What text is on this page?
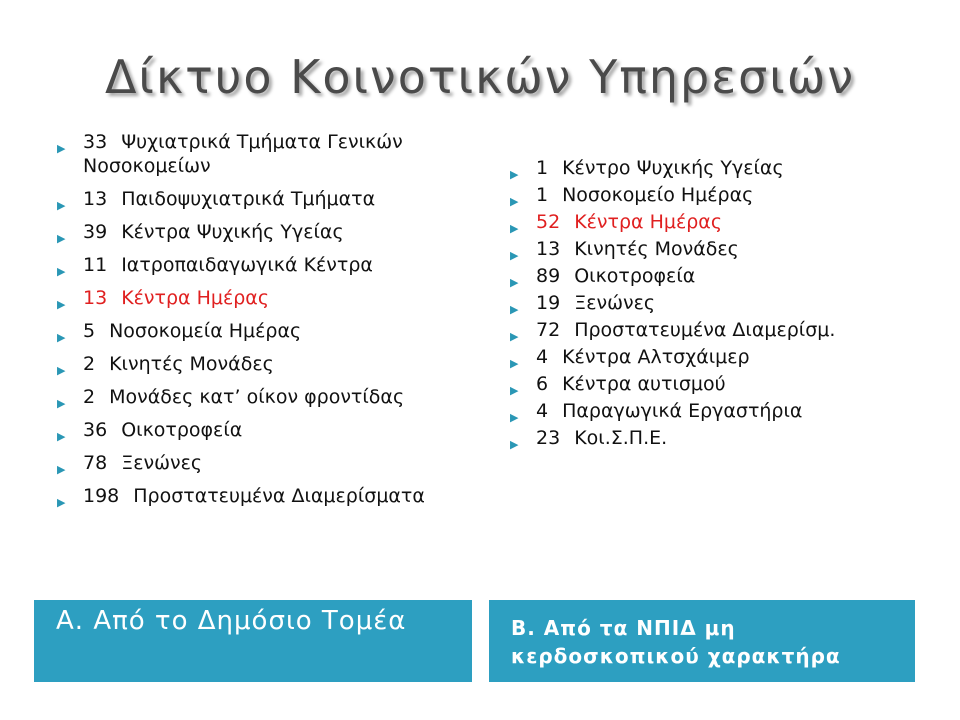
Δίκτυο Κοινοτικών Υπηρεσιών
▶ 33 Ψυχιατρικά Τμήματα Γενικών Νοσοκομείων
▶ 13 Παιδοψυχιατρικά Τμήματα
▶ 39 Κέντρα Ψυχικής Υγείας
▶ 11 Ιατροπαιδαγωγικά Κέντρα
▶ 13 Κέντρα Ημέρας
▶ 5 Νοσοκομεία Ημέρας
▶ 2 Κινητές Μονάδες
▶ 2 Μονάδες κατ’ οίκον φροντίδας
▶ 36 Οικοτροφεία
▶ 78 Ξενώνες
▶ 198 Προστατευμένα Διαμερίσματα
▶ 1 Κέντρο Ψυχικής Υγείας
▶ 1 Νοσοκομείο Ημέρας
▶ 52 Κέντρα Ημέρας
▶ 13 Κινητές Μονάδες
▶ 89 Οικοτροφεία
▶ 19 Ξενώνες
▶ 72 Προστατευμένα Διαμερίσμ.
▶ 4 Κέντρα Αλτσχάιμερ
▶ 6 Κέντρα αυτισμού
▶ 4 Παραγωγικά Εργαστήρια
▶ 23 Κοι.Σ.Π.Ε.
Α. Από το Δημόσιο Τομέα	Β. Από τα ΝΠΙΔ μη κερδοσκοπικού χαρακτήρα
